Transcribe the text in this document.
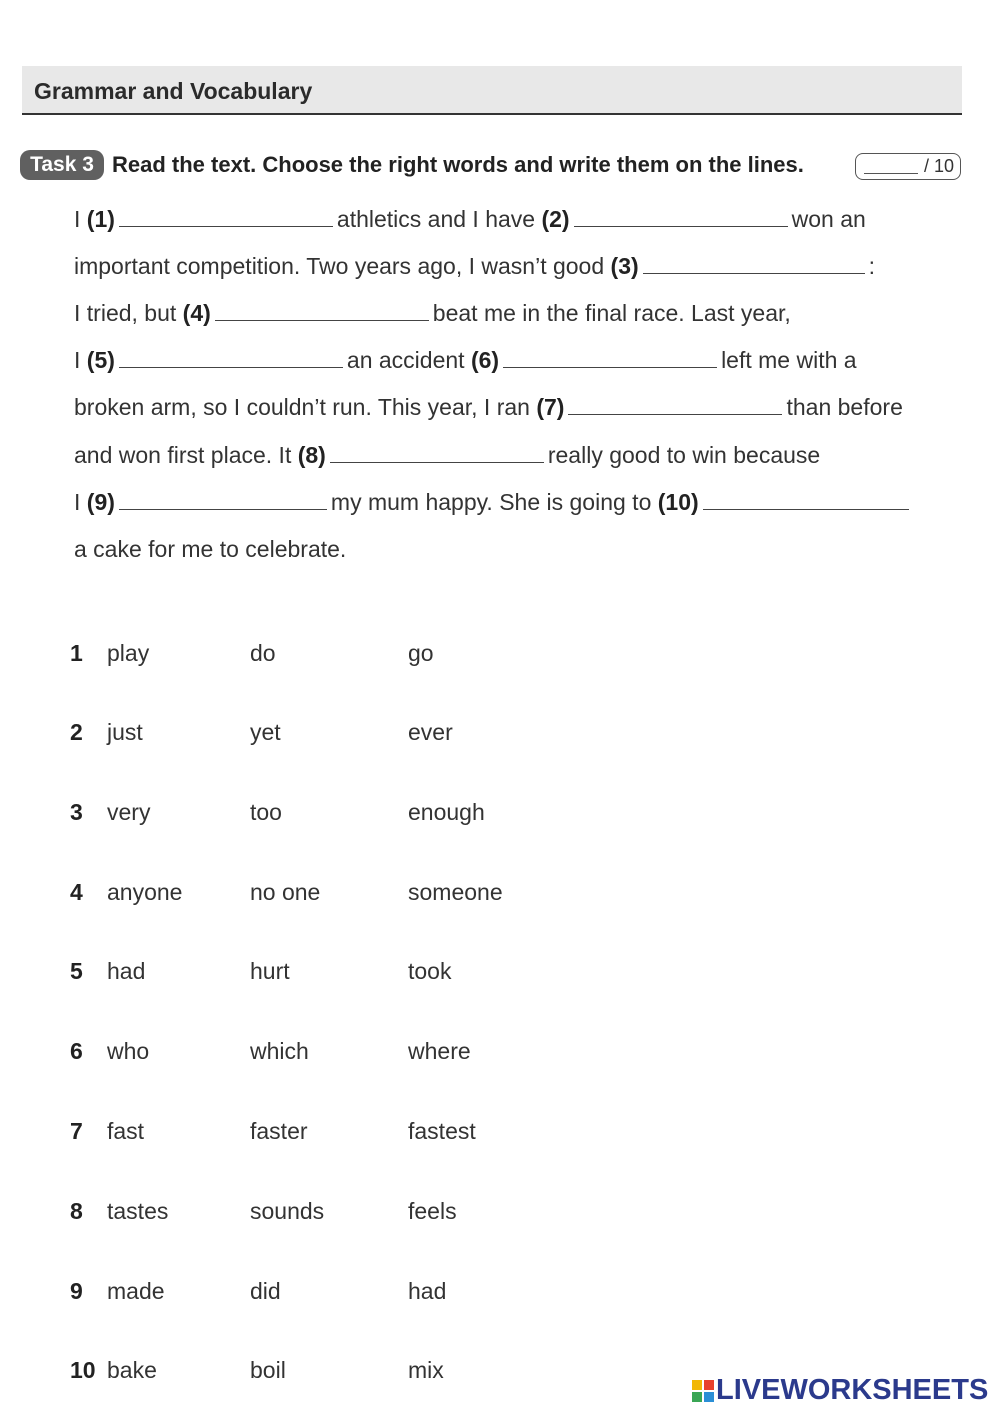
Grammar and Vocabulary
Task 3 Read the text. Choose the right words and write them on the lines.	/ 10
I (1)	athletics and I have (2)	won an
important competition. Two years ago, I wasn’t good (3)	:
I tried, but (4)	beat me in the final race. Last year,
I (5)	an accident (6)	left me with a
broken arm, so I couldn’t run. This year, I ran (7)	than before
and won first place. It (8)	really good to win because
I (9)	my mum happy. She is going to (10)
a cake for me to celebrate.
1 play	do	go
2 just	yet	ever
3 very	too	enough
4 anyone	no one	someone
5 had	hurt	took
6 who	which	where
7 fast	faster	fastest
8 tastes	sounds	feels
9 made	did	had
10 bake	boil	mix
LIVEWORKSHEETS
